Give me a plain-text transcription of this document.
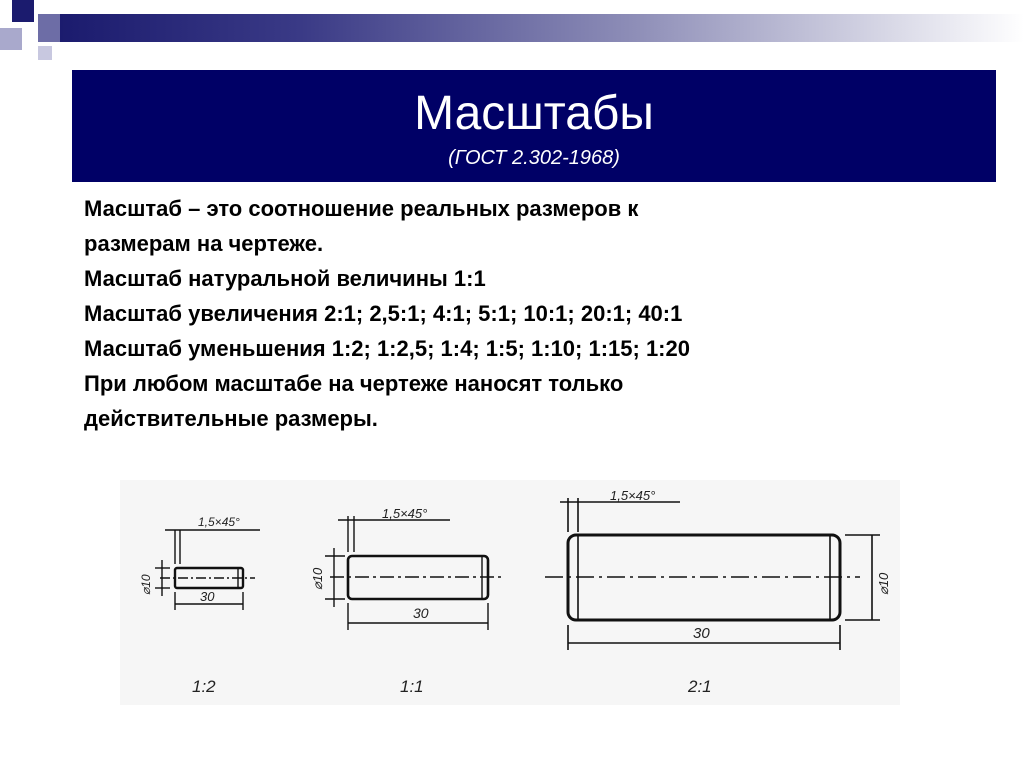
Масштабы
(ГОСТ 2.302-1968)
Масштаб – это соотношение реальных размеров к
размерам на чертеже.
Масштаб натуральной величины 1:1
Масштаб увеличения 2:1; 2,5:1; 4:1; 5:1; 10:1; 20:1; 40:1
Масштаб уменьшения 1:2; 1:2,5; 1:4; 1:5; 1:10; 1:15; 1:20
При любом масштабе на чертеже наносят только
действительные размеры.
1,5×45°
⌀10
30
1:2
1,5×45°
⌀10
30
1:1
1,5×45°
⌀10
30
2:1
